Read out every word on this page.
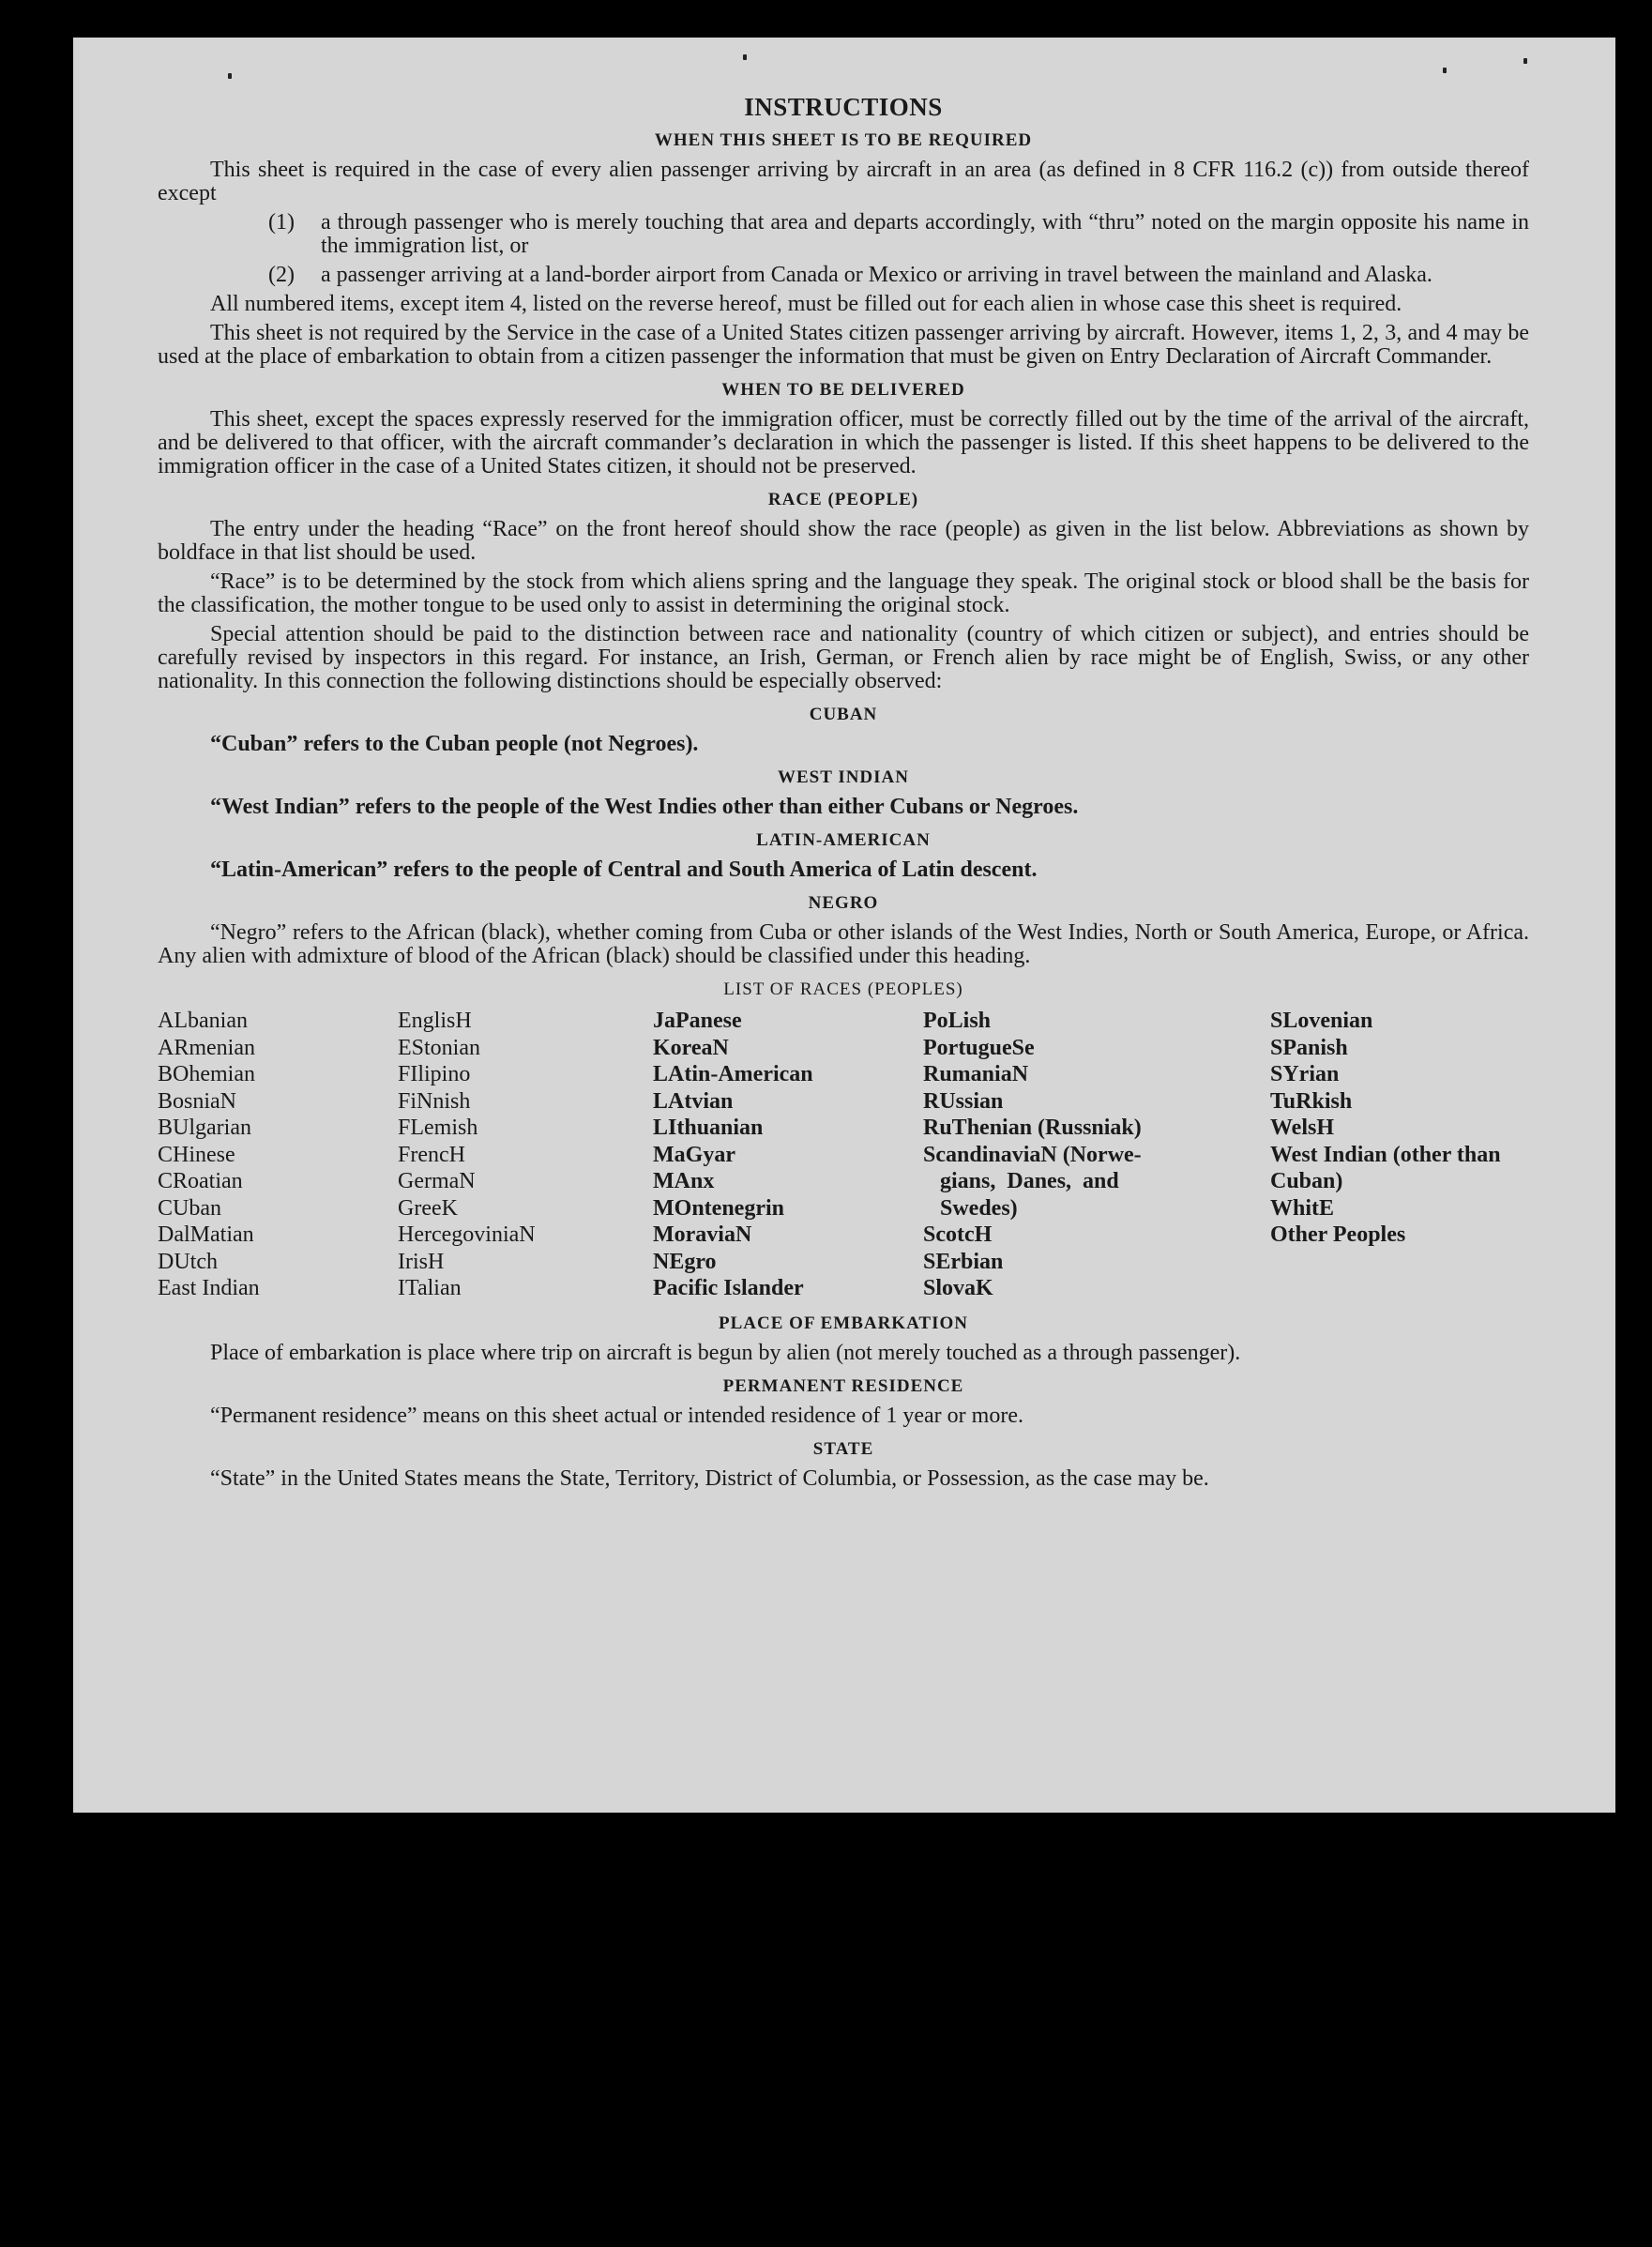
INSTRUCTIONS
WHEN THIS SHEET IS TO BE REQUIRED

This sheet is required in the case of every alien passenger arriving by aircraft in an area (as defined in 8 CFR 116.2 (c)) from outside thereof except

(1)	a through passenger who is merely touching that area and departs accordingly, with “thru” noted on the margin opposite his name in the immigration list, or
(2)	a passenger arriving at a land-border airport from Canada or Mexico or arriving in travel between the mainland and Alaska.

All numbered items, except item 4, listed on the reverse hereof, must be filled out for each alien in whose case this sheet is required.

This sheet is not required by the Service in the case of a United States citizen passenger arriving by aircraft. However, items 1, 2, 3, and 4 may be used at the place of embarkation to obtain from a citizen passenger the information that must be given on Entry Declaration of Aircraft Commander.

WHEN TO BE DELIVERED

This sheet, except the spaces expressly reserved for the immigration officer, must be correctly filled out by the time of the arrival of the aircraft, and be delivered to that officer, with the aircraft commander’s declaration in which the passenger is listed. If this sheet happens to be delivered to the immigration officer in the case of a United States citizen, it should not be preserved.

RACE (PEOPLE)

The entry under the heading “Race” on the front hereof should show the race (people) as given in the list below. Abbreviations as shown by boldface in that list should be used.

“Race” is to be determined by the stock from which aliens spring and the language they speak. The original stock or blood shall be the basis for the classification, the mother tongue to be used only to assist in determining the original stock.

Special attention should be paid to the distinction between race and nationality (country of which citizen or subject), and entries should be carefully revised by inspectors in this regard. For instance, an Irish, German, or French alien by race might be of English, Swiss, or any other nationality. In this connection the following distinctions should be especially observed:

CUBAN
“Cuban” refers to the Cuban people (not Negroes).
WEST INDIAN
“West Indian” refers to the people of the West Indies other than either Cubans or Negroes.
LATIN-AMERICAN
“Latin-American” refers to the people of Central and South America of Latin descent.
NEGRO

“Negro” refers to the African (black), whether coming from Cuba or other islands of the West Indies, North or South America, Europe, or Africa. Any alien with admixture of blood of the African (black) should be classified under this heading.

LIST OF RACES (PEOPLES)
ALbanian
ARmenian
BOhemian
BosniaN
BUlgarian
CHinese
CRoatian
CUban
DalMatian
DUtch
East Indian
EnglisH
EStonian
FIlipino
FiNnish
FLemish
FrencH
GermaN
GreeK
HercegoviniaN
IrisH
ITalian
JaPanese
KoreaN
LAtin-American
LAtvian
LIthuanian
MaGyar
MAnx
MOntenegrin
MoraviaN
NEgro
Pacific Islander
PoLish
PortugueSe
RumaniaN
RUssian
RuThenian (Russniak)
ScandinaviaN (Norwe-
gians,  Danes,  and
Swedes)
ScotcH
SErbian
SlovaK
SLovenian
SPanish
SYrian
TuRkish
WelsH
West Indian (other than Cuban)
WhitE
Other Peoples
PLACE OF EMBARKATION

Place of embarkation is place where trip on aircraft is begun by alien (not merely touched as a through passenger).

PERMANENT RESIDENCE

“Permanent residence” means on this sheet actual or intended residence of 1 year or more.

STATE

“State” in the United States means the State, Territory, District of Columbia, or Possession, as the case may be.
